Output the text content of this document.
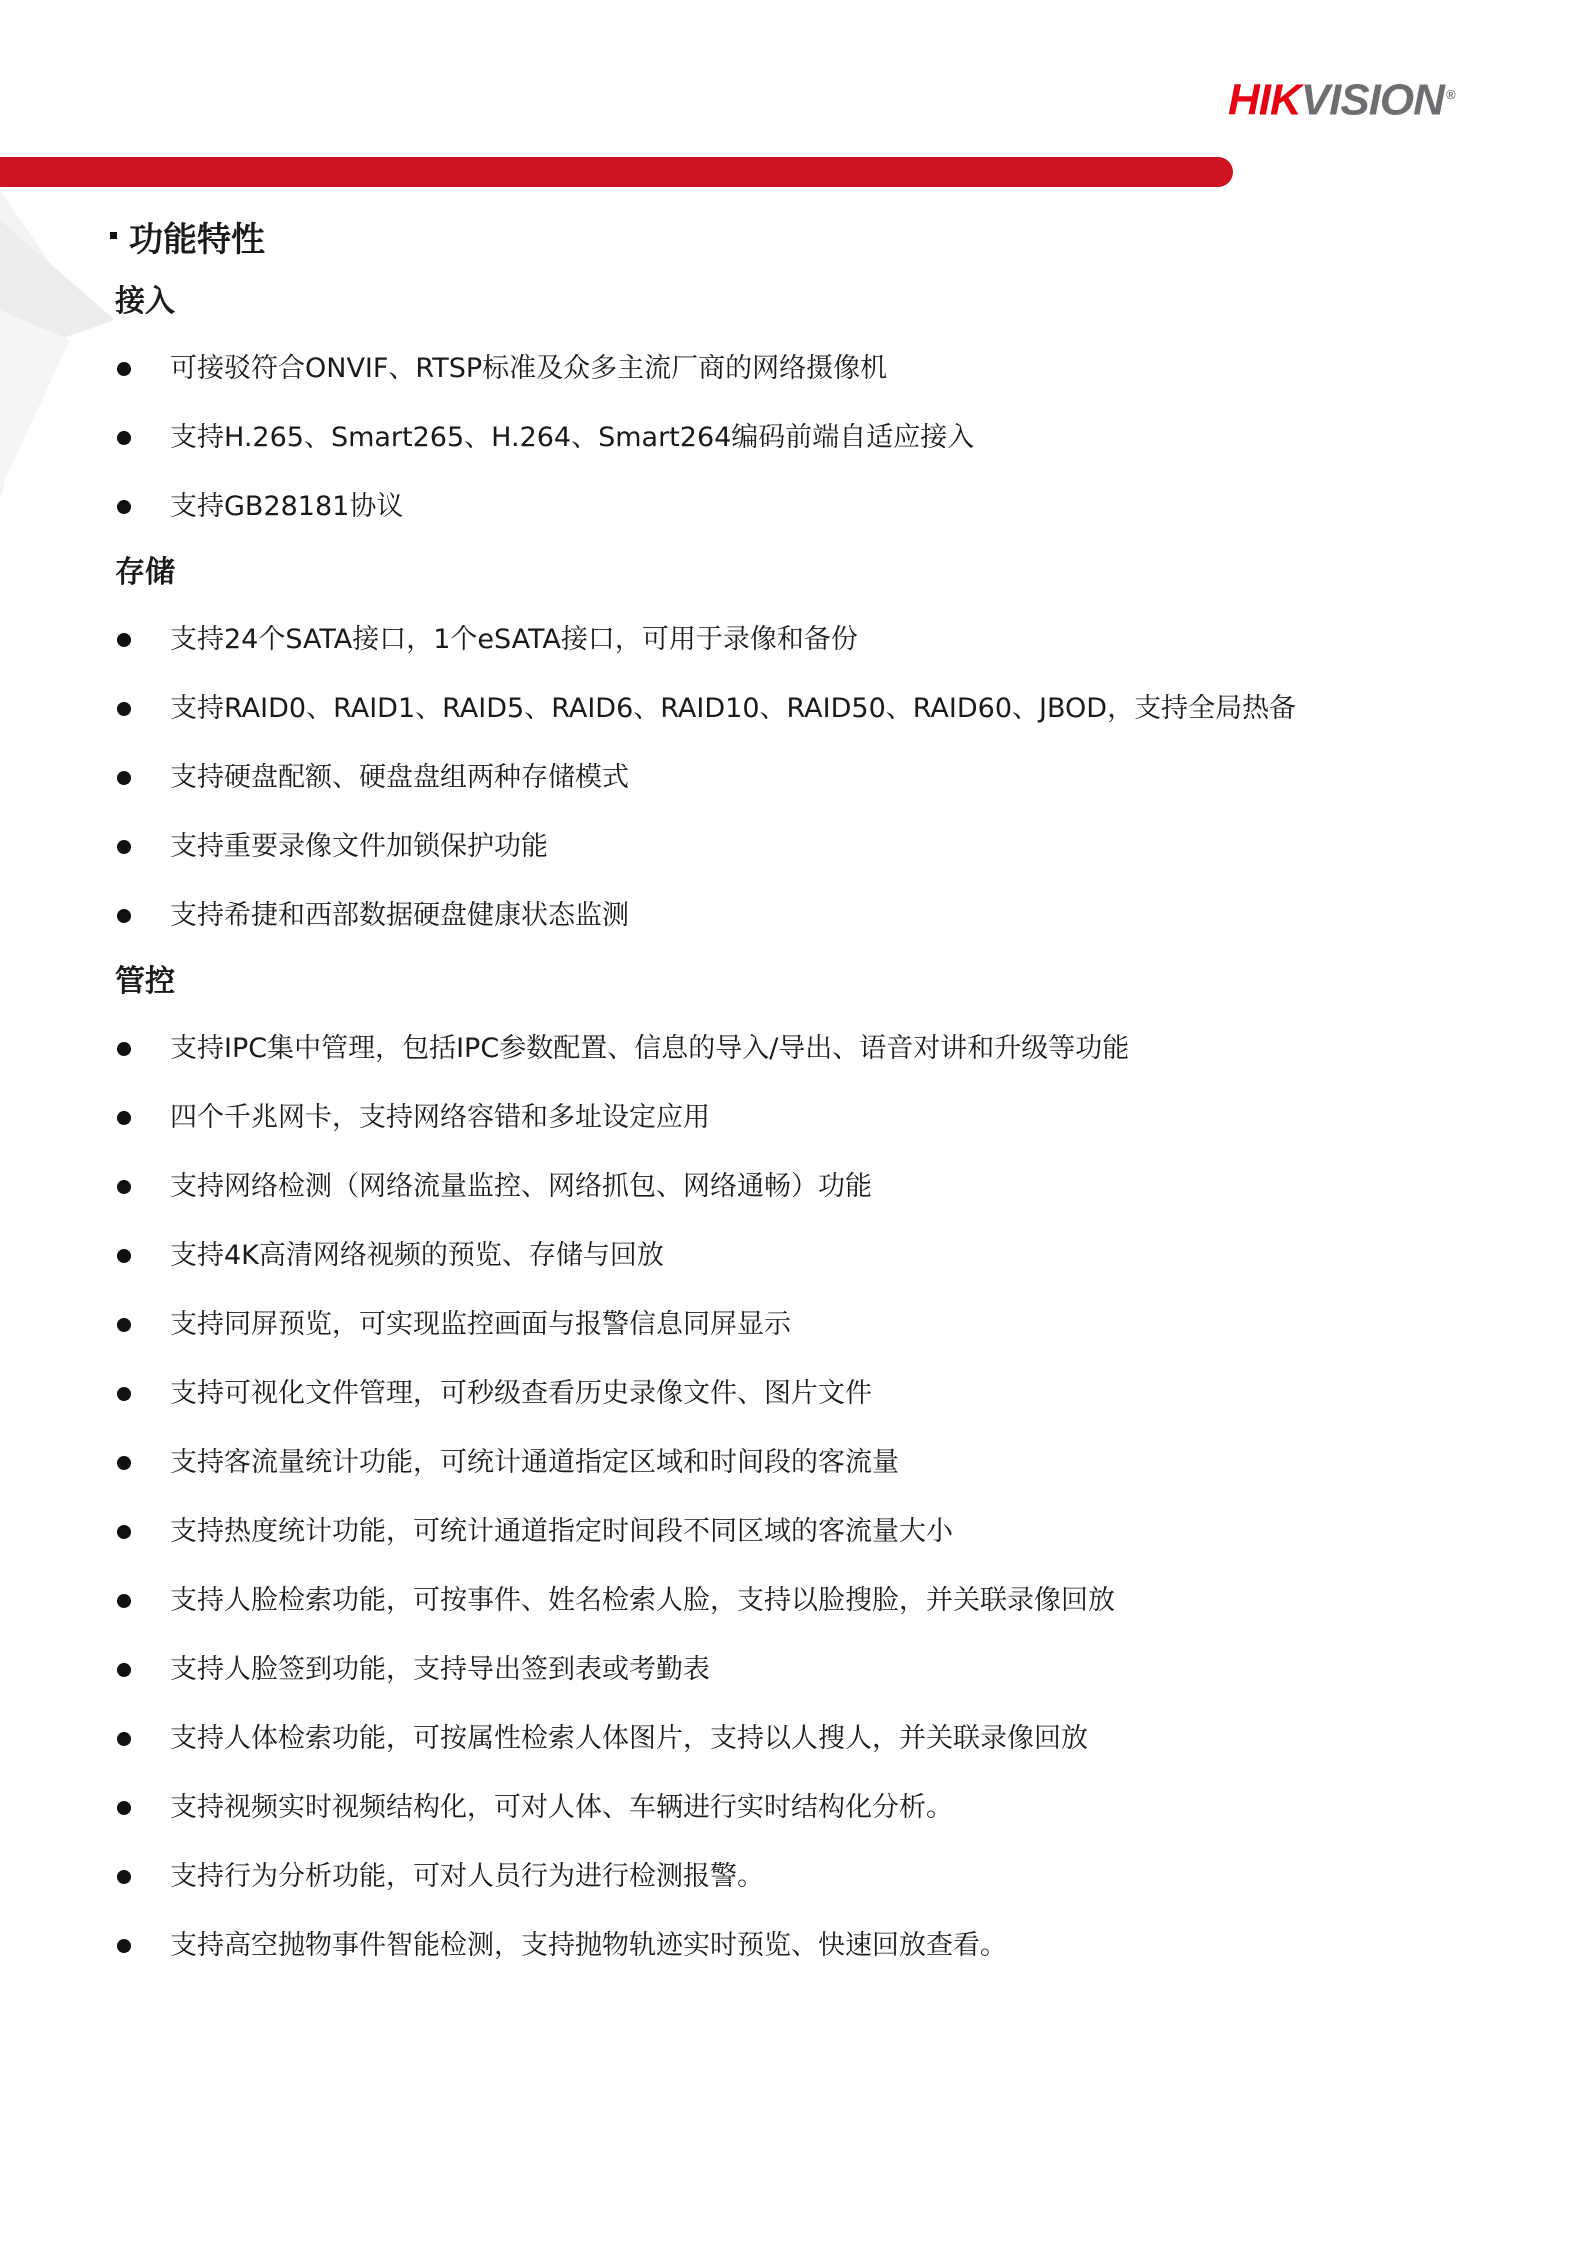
HIKVISION ®
功能特性
接入
可接驳符合ONVIF、RTSP标准及众多主流厂商的网络摄像机
支持H.265、Smart265、H.264、Smart264编码前端自适应接入
支持GB28181协议
存储
支持24个SATA接口，1个eSATA接口，可用于录像和备份
支持RAID0、RAID1、RAID5、RAID6、RAID10、RAID50、RAID60、JBOD，支持全局热备
支持硬盘配额、硬盘盘组两种存储模式
支持重要录像文件加锁保护功能
支持希捷和西部数据硬盘健康状态监测
管控
支持IPC集中管理，包括IPC参数配置、信息的导入/导出、语音对讲和升级等功能
四个千兆网卡，支持网络容错和多址设定应用
支持网络检测（网络流量监控、网络抓包、网络通畅）功能
支持4K高清网络视频的预览、存储与回放
支持同屏预览，可实现监控画面与报警信息同屏显示
支持可视化文件管理，可秒级查看历史录像文件、图片文件
支持客流量统计功能，可统计通道指定区域和时间段的客流量
支持热度统计功能，可统计通道指定时间段不同区域的客流量大小
支持人脸检索功能，可按事件、姓名检索人脸，支持以脸搜脸，并关联录像回放
支持人脸签到功能，支持导出签到表或考勤表
支持人体检索功能，可按属性检索人体图片，支持以人搜人，并关联录像回放
支持视频实时视频结构化，可对人体、车辆进行实时结构化分析。
支持行为分析功能，可对人员行为进行检测报警。
支持高空抛物事件智能检测，支持抛物轨迹实时预览、快速回放查看。
